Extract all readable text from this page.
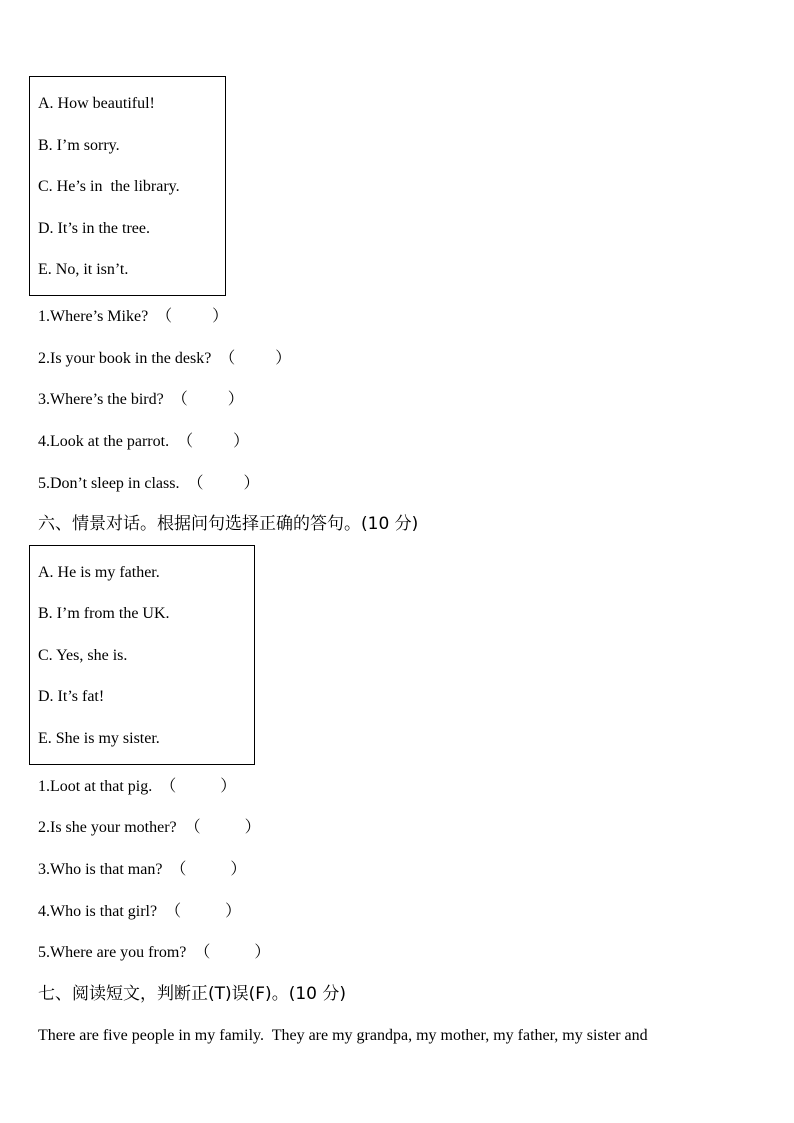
A. How beautiful!
B. I’m sorry.
C. He’s in  the library.
D. It’s in the tree.
E. No, it isn’t.
1.Where’s Mike?  （          ）
2.Is your book in the desk?  （          ）
3.Where’s the bird?  （          ）
4.Look at the parrot.  （          ）
5.Don’t sleep in class.  （          ）
六、情景对话。根据问句选择正确的答句。(10 分)
A. He is my father.
B. I’m from the UK.
C. Yes, she is.
D. It’s fat!
E. She is my sister.
1.Loot at that pig.  （           ）
2.Is she your mother?  （           ）
3.Who is that man?  （           ）
4.Who is that girl?  （           ）
5.Where are you from?  （           ）
七、阅读短文，判断正(T)误(F)。(10 分)
There are five people in my family.  They are my grandpa, my mother, my father, my sister and
